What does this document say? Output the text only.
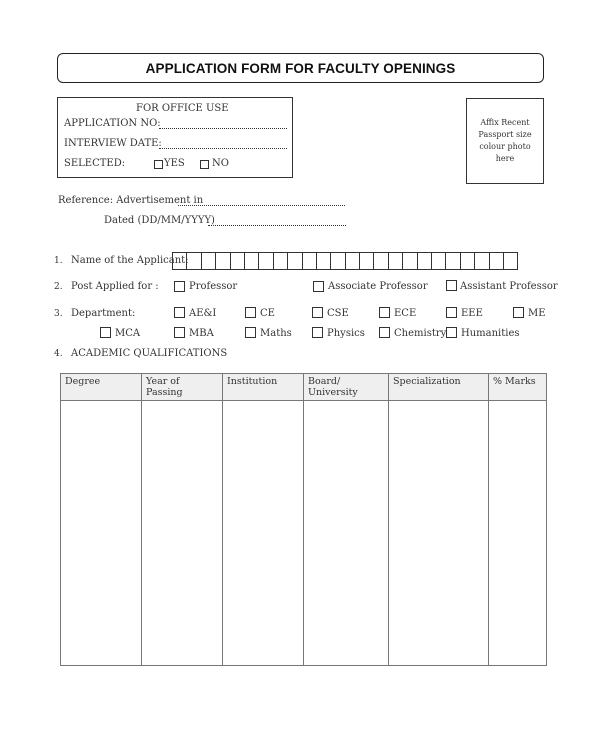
APPLICATION FORM FOR FACULTY OPENINGS
FOR OFFICE USE
APPLICATION NO:
INTERVIEW DATE:
SELECTED:	YES	NO
Affix Recent
Passport size
colour photo
here
Reference: Advertisement in
Dated (DD/MM/YYYY)
1. Name of the Applicant:
2. Post Applied for :	Professor	Associate Professor	Assistant Professor
3. Department:	AE&I	CE	CSE	ECE	EEE	ME
MCA	MBA	Maths	Physics	Chemistry Humanities
4. ACADEMIC QUALIFICATIONS
Degree	Year of Passing	Institution	Board/ University	Specialization	% Marks
